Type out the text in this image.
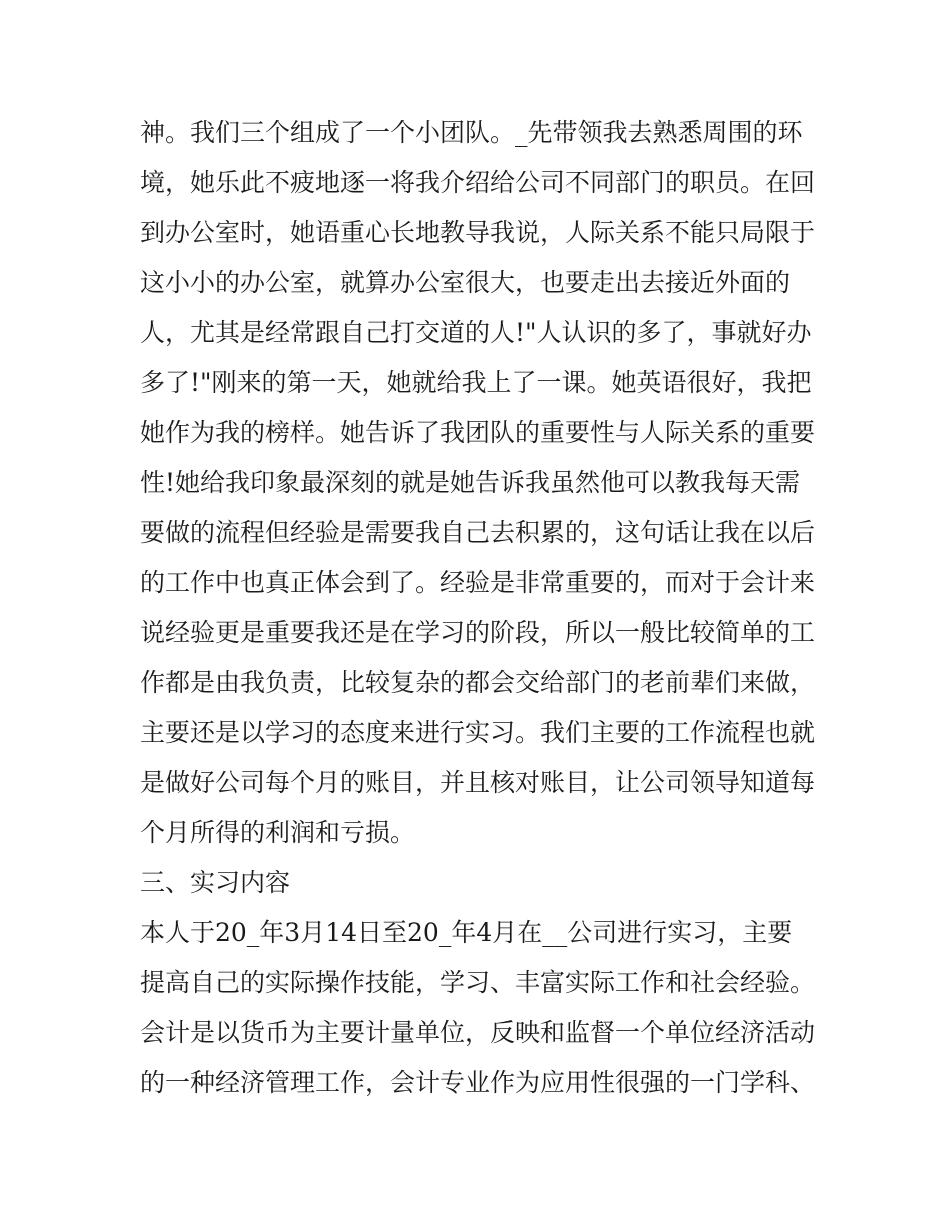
神。我们三个组成了一个小团队。_先带领我去熟悉周围的环
境，她乐此不疲地逐一将我介绍给公司不同部门的职员。在回
到办公室时，她语重心长地教导我说，人际关系不能只局限于
这小小的办公室，就算办公室很大，也要走出去接近外面的
人，尤其是经常跟自己打交道的人!"人认识的多了，事就好办
多了!"刚来的第一天，她就给我上了一课。她英语很好，我把
她作为我的榜样。她告诉了我团队的重要性与人际关系的重要
性!她给我印象最深刻的就是她告诉我虽然他可以教我每天需
要做的流程但经验是需要我自己去积累的，这句话让我在以后
的工作中也真正体会到了。经验是非常重要的，而对于会计来
说经验更是重要我还是在学习的阶段，所以一般比较简单的工
作都是由我负责，比较复杂的都会交给部门的老前辈们来做，
主要还是以学习的态度来进行实习。我们主要的工作流程也就
是做好公司每个月的账目，并且核对账目，让公司领导知道每
个月所得的利润和亏损。
三、实习内容
本人于20_年3月14日至20_年4月在__公司进行实习，主要
提高自己的实际操作技能，学习、丰富实际工作和社会经验。
会计是以货币为主要计量单位，反映和监督一个单位经济活动
的一种经济管理工作，会计专业作为应用性很强的一门学科、
